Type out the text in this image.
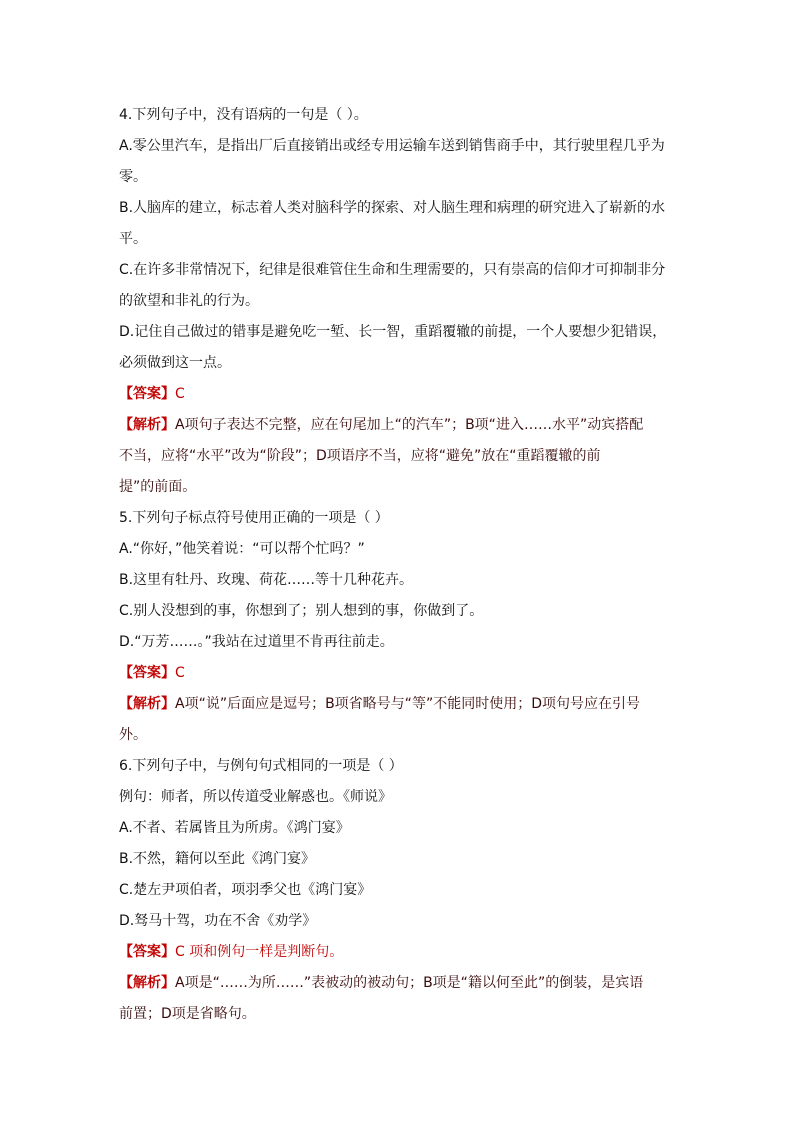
4.下列句子中，没有语病的一句是（ ）。
A.零公里汽车，是指出厂后直接销出或经专用运输车送到销售商手中，其行驶里程几乎为
零。
B.人脑库的建立，标志着人类对脑科学的探索、对人脑生理和病理的研究进入了崭新的水
平。
C.在许多非常情况下，纪律是很难管住生命和生理需要的，只有崇高的信仰才可抑制非分
的欲望和非礼的行为。
D.记住自己做过的错事是避免吃一堑、长一智，重蹈覆辙的前提，一个人要想少犯错误，
必须做到这一点。
【答案】C
【解析】A项句子表达不完整，应在句尾加上“的汽车”；B项“进入……水平”动宾搭配
不当，应将“水平”改为“阶段”；D项语序不当，应将“避免”放在“重蹈覆辙的前
提”的前面。
5.下列句子标点符号使用正确的一项是（ ）
A.“你好，”他笑着说：“可以帮个忙吗？”
B.这里有牡丹、玫瑰、荷花……等十几种花卉。
C.别人没想到的事，你想到了；别人想到的事，你做到了。
D.“万芳……。”我站在过道里不肯再往前走。
【答案】C
【解析】A项“说”后面应是逗号；B项省略号与“等”不能同时使用；D项句号应在引号
外。
6.下列句子中，与例句句式相同的一项是（ ）
例句：师者，所以传道受业解惑也。《师说》
A.不者、若属皆且为所虏。《鸿门宴》
B.不然，籍何以至此《鸿门宴》
C.楚左尹项伯者，项羽季父也《鸿门宴》
D.驽马十驾，功在不舍《劝学》
【答案】C 项和例句一样是判断句。
【解析】A项是“……为所……”表被动的被动句；B项是“籍以何至此”的倒装，是宾语
前置；D项是省略句。
